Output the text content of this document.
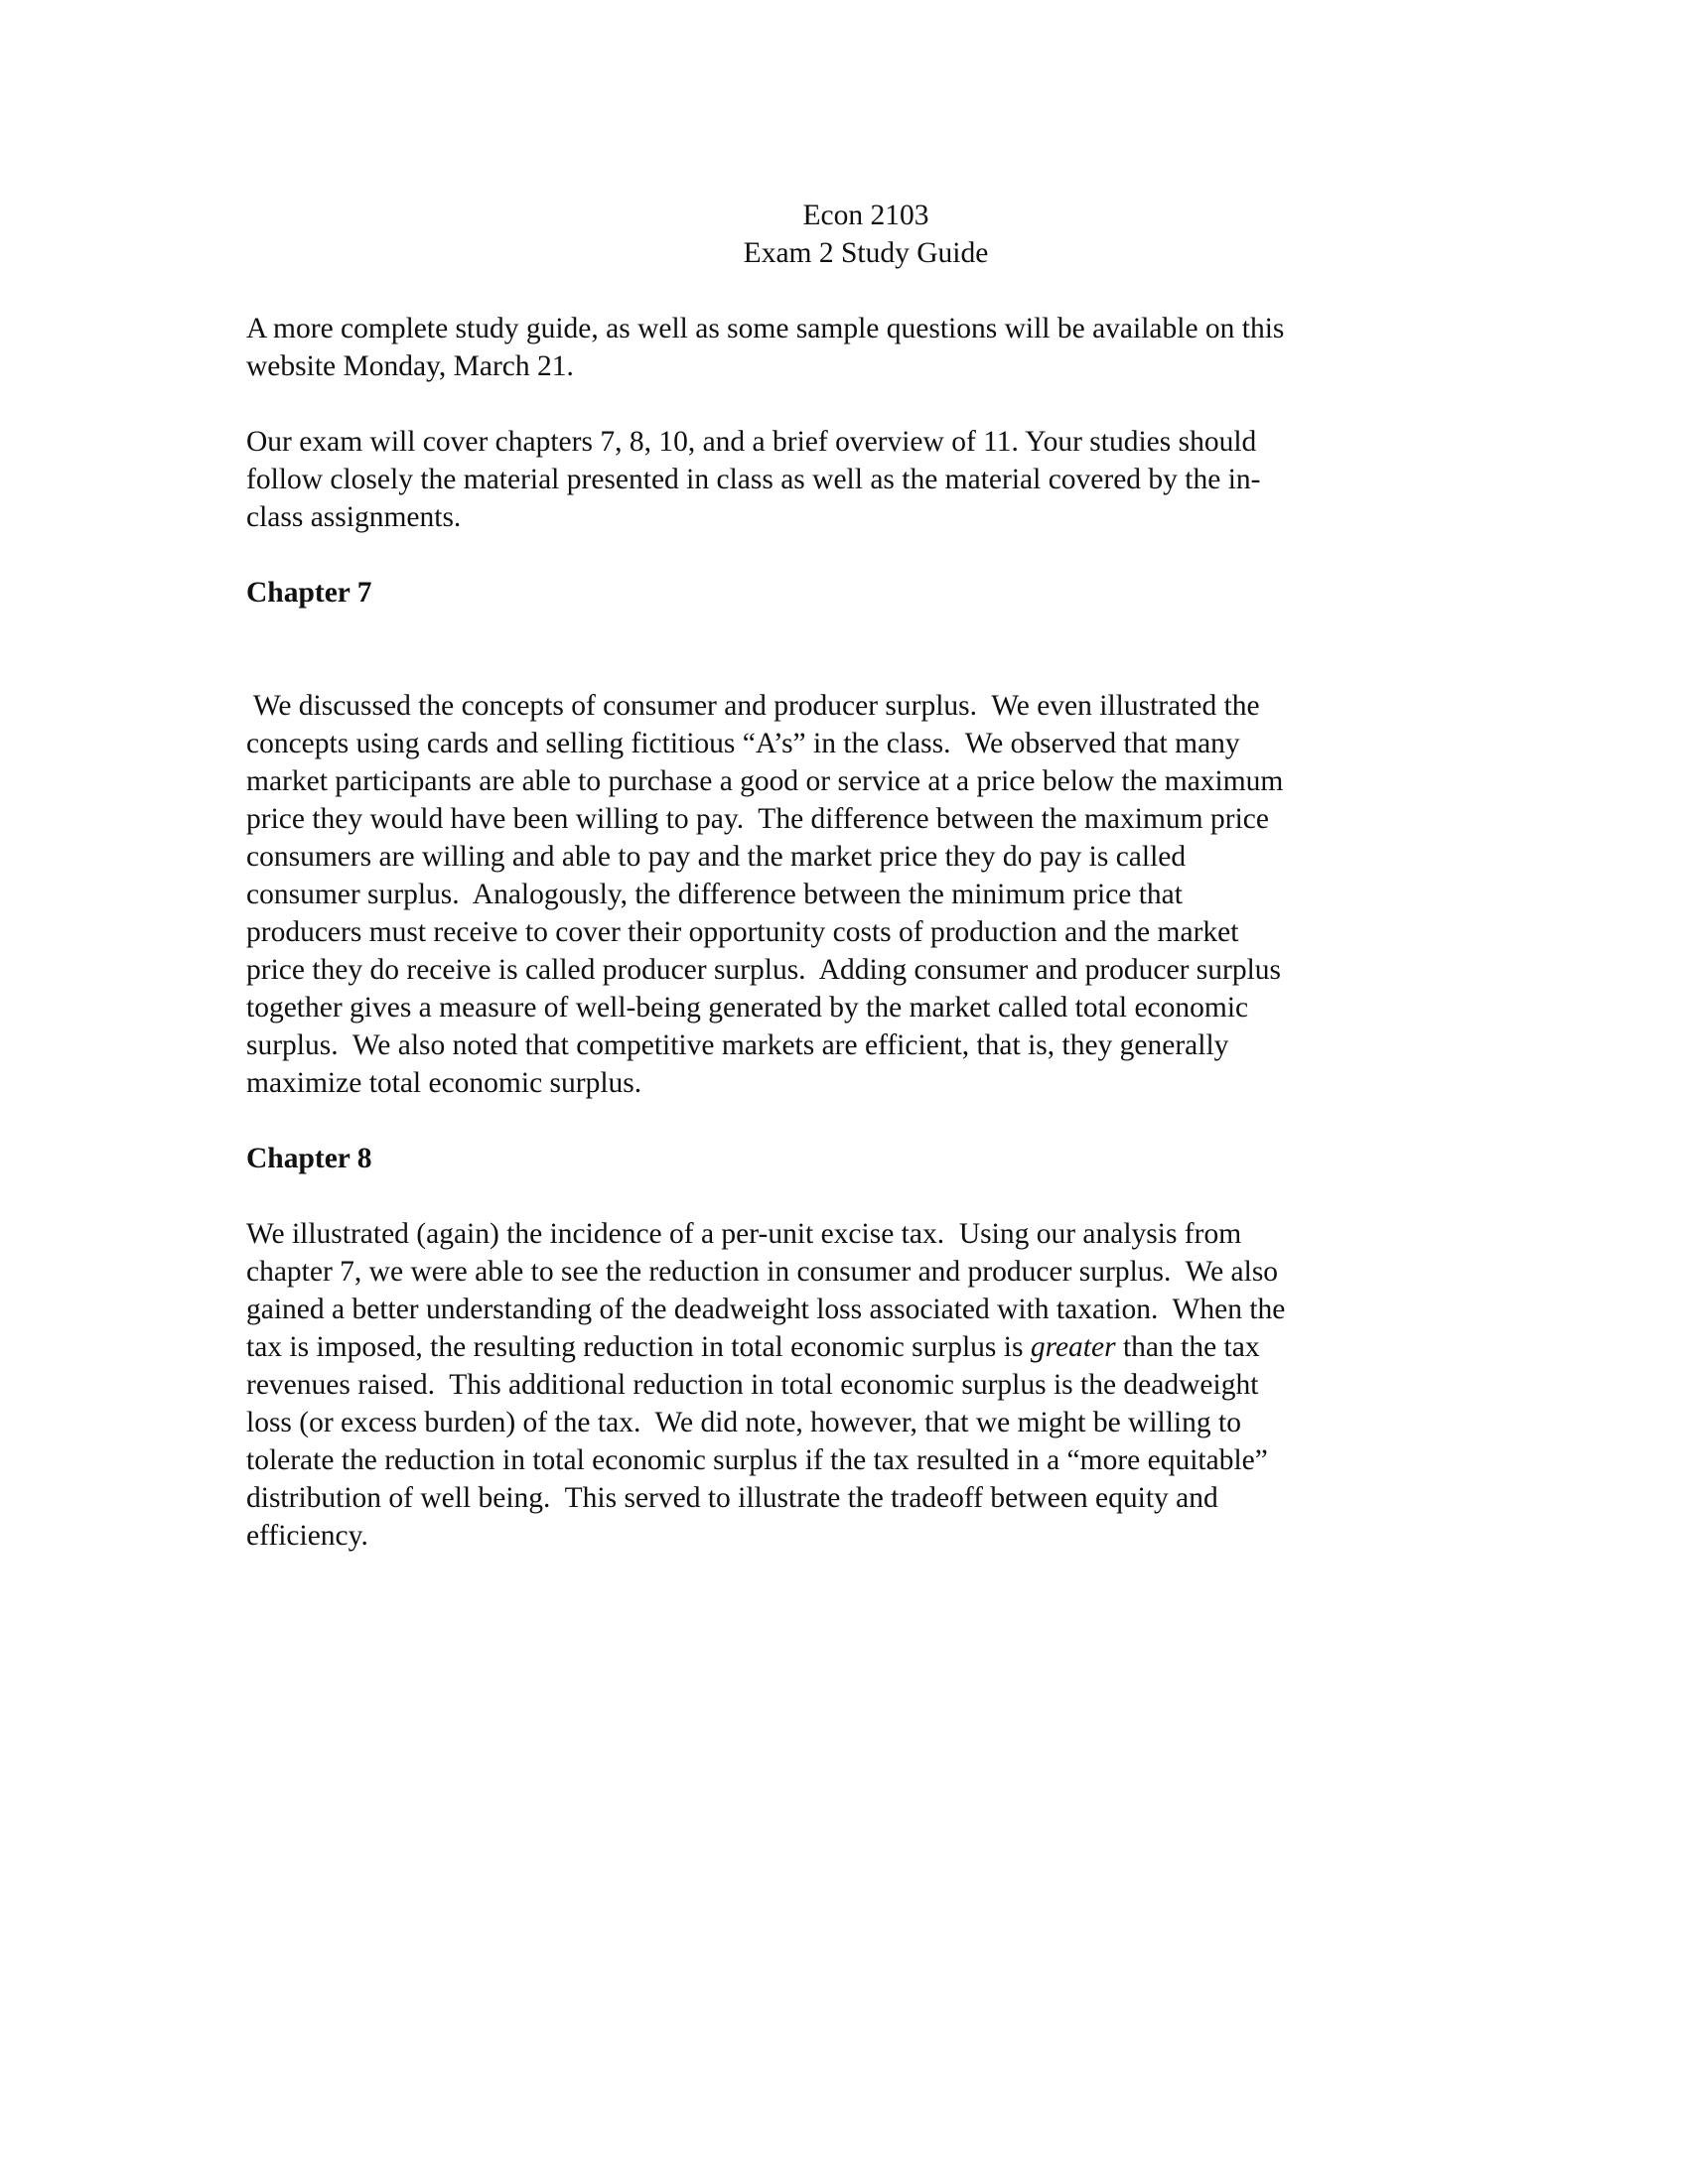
Econ 2103
Exam 2 Study Guide

A more complete study guide, as well as some sample questions will be available on this
website Monday, March 21.

Our exam will cover chapters 7, 8, 10, and a brief overview of 11. Your studies should
follow closely the material presented in class as well as the material covered by the in-
class assignments.

Chapter 7

We discussed the concepts of consumer and producer surplus.  We even illustrated the
concepts using cards and selling fictitious “A’s” in the class.  We observed that many
market participants are able to purchase a good or service at a price below the maximum
price they would have been willing to pay.  The difference between the maximum price
consumers are willing and able to pay and the market price they do pay is called
consumer surplus.  Analogously, the difference between the minimum price that
producers must receive to cover their opportunity costs of production and the market
price they do receive is called producer surplus.  Adding consumer and producer surplus
together gives a measure of well-being generated by the market called total economic
surplus.  We also noted that competitive markets are efficient, that is, they generally
maximize total economic surplus.

Chapter 8

We illustrated (again) the incidence of a per-unit excise tax.  Using our analysis from
chapter 7, we were able to see the reduction in consumer and producer surplus.  We also
gained a better understanding of the deadweight loss associated with taxation.  When the
tax is imposed, the resulting reduction in total economic surplus is greater than the tax
revenues raised.  This additional reduction in total economic surplus is the deadweight
loss (or excess burden) of the tax.  We did note, however, that we might be willing to
tolerate the reduction in total economic surplus if the tax resulted in a “more equitable”
distribution of well being.  This served to illustrate the tradeoff between equity and
efficiency.
